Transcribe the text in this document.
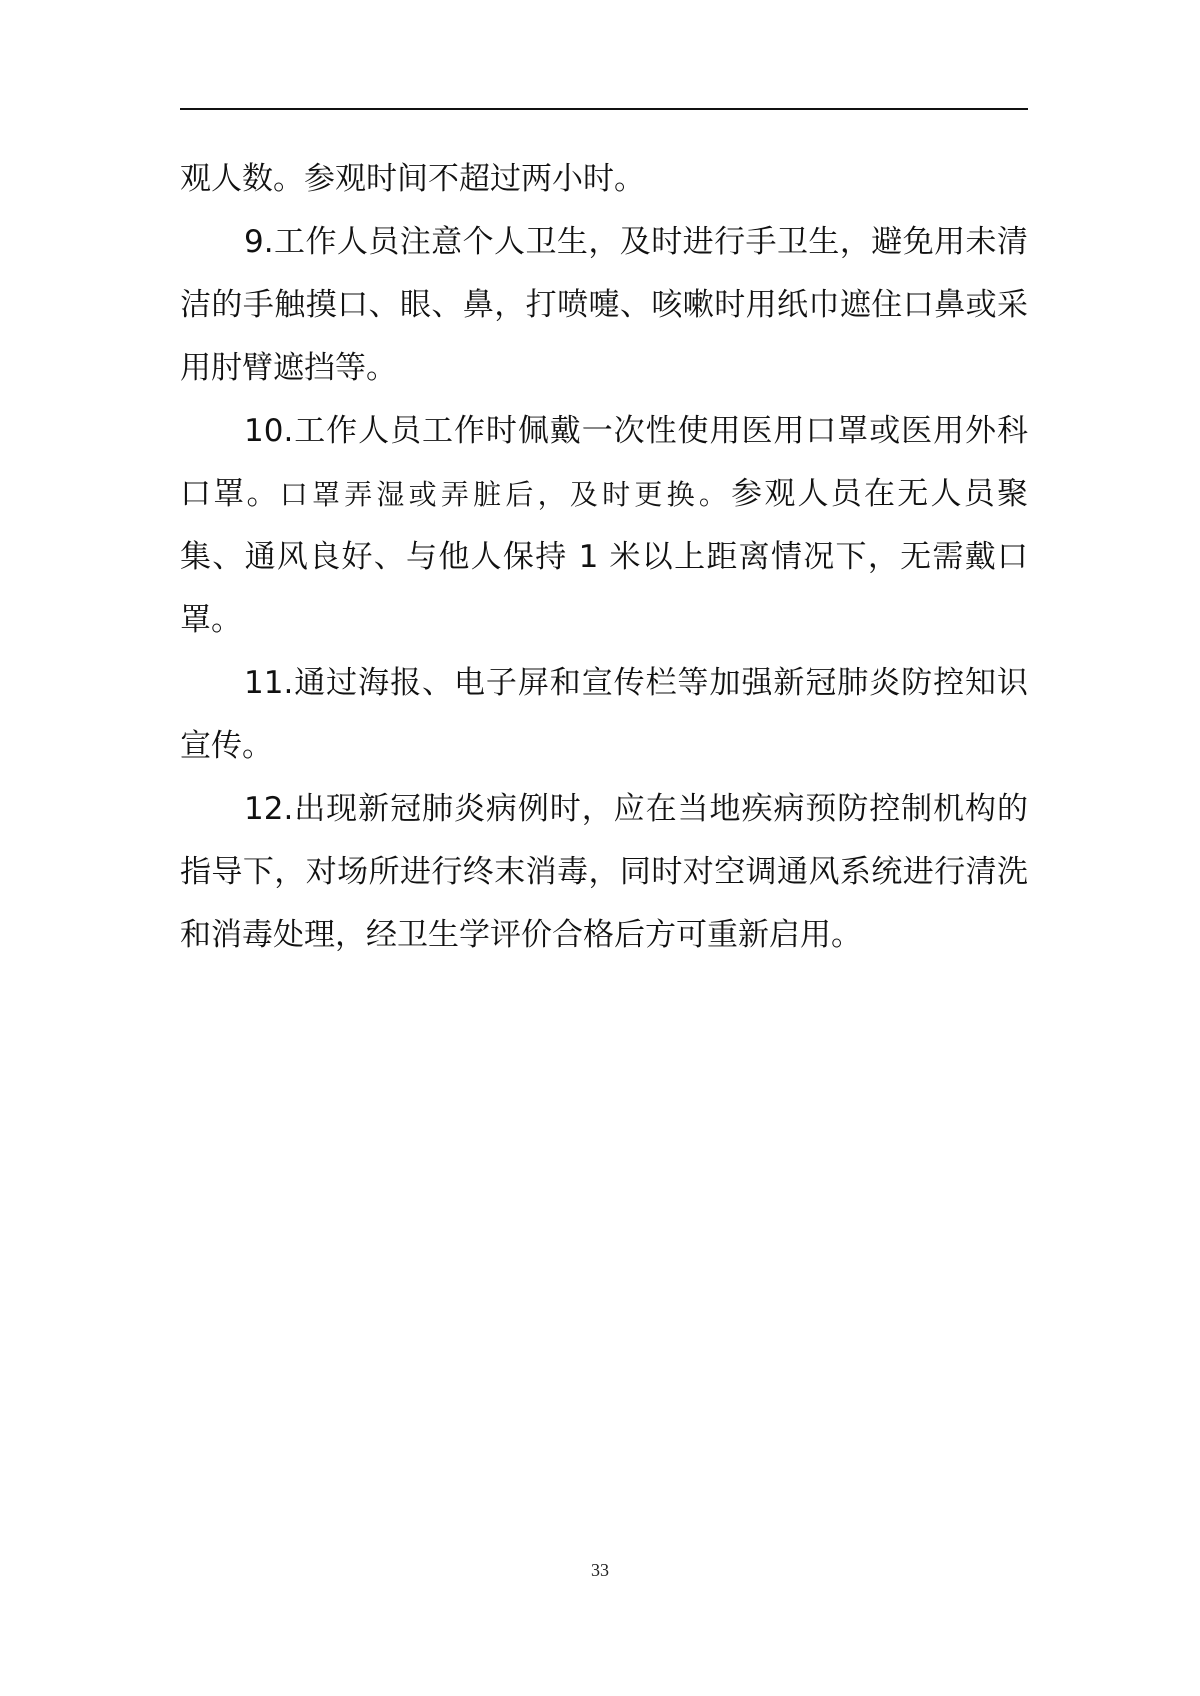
观人数。参观时间不超过两小时。

9.工作人员注意个人卫生，及时进行手卫生，避免用未清洁的手触摸口、眼、鼻，打喷嚏、咳嗽时用纸巾遮住口鼻或采用肘臂遮挡等。

10.工作人员工作时佩戴一次性使用医用口罩或医用外科口罩。口罩弄湿或弄脏后，及时更换。参观人员在无人员聚集、通风良好、与他人保持 1 米以上距离情况下，无需戴口罩。

11.通过海报、电子屏和宣传栏等加强新冠肺炎防控知识宣传。

12.出现新冠肺炎病例时，应在当地疾病预防控制机构的指导下，对场所进行终末消毒，同时对空调通风系统进行清洗和消毒处理，经卫生学评价合格后方可重新启用。

33
